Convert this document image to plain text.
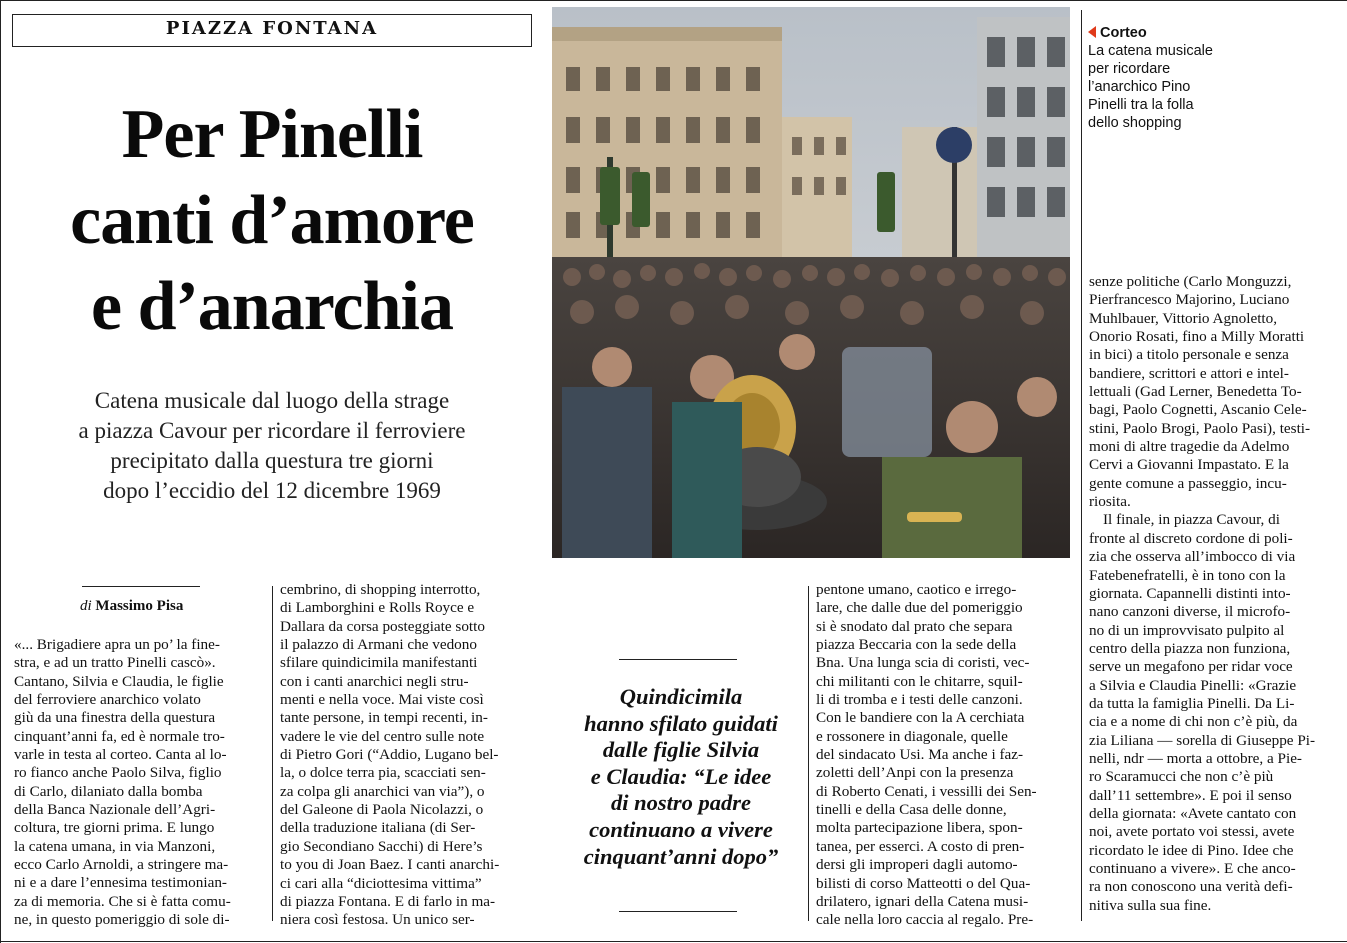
PIAZZA FONTANA
Per Pinelli
canti d’amore
e d’anarchia
Catena musicale dal luogo della strage
a piazza Cavour per ricordare il ferroviere
precipitato dalla questura tre giorni
dopo l’eccidio del 12 dicembre 1969
di Massimo Pisa
«... Brigadiere apra un po’ la fine-
stra, e ad un tratto Pinelli cascò».
Cantano, Silvia e Claudia, le figlie
del ferroviere anarchico volato
giù da una finestra della questura
cinquant’anni fa, ed è normale tro-
varle in testa al corteo. Canta al lo-
ro fianco anche Paolo Silva, figlio
di Carlo, dilaniato dalla bomba
della Banca Nazionale dell’Agri-
coltura, tre giorni prima. E lungo
la catena umana, in via Manzoni,
ecco Carlo Arnoldi, a stringere ma-
ni e a dare l’ennesima testimonian-
za di memoria. Che si è fatta comu-
ne, in questo pomeriggio di sole di-
cembrino, di shopping interrotto,
di Lamborghini e Rolls Royce e
Dallara da corsa posteggiate sotto
il palazzo di Armani che vedono
sfilare quindicimila manifestanti
con i canti anarchici negli stru-
menti e nella voce. Mai viste così
tante persone, in tempi recenti, in-
vadere le vie del centro sulle note
di Pietro Gori (“Addio, Lugano bel-
la, o dolce terra pia, scacciati sen-
za colpa gli anarchici van via”), o
del Galeone di Paola Nicolazzi, o
della traduzione italiana (di Ser-
gio Secondiano Sacchi) di Here’s
to you di Joan Baez. I canti anarchi-
ci cari alla “diciottesima vittima”
di piazza Fontana. E di farlo in ma-
niera così festosa. Un unico ser-
Corteo
La catena musicale
per ricordare
l’anarchico Pino
Pinelli tra la folla
dello shopping
Quindicimila
hanno sfilato guidati
dalle figlie Silvia
e Claudia: “Le idee
di nostro padre
continuano a vivere
cinquant’anni dopo”
pentone umano, caotico e irrego-
lare, che dalle due del pomeriggio
si è snodato dal prato che separa
piazza Beccaria con la sede della
Bna. Una lunga scia di coristi, vec-
chi militanti con le chitarre, squil-
li di tromba e i testi delle canzoni.
Con le bandiere con la A cerchiata
e rossonere in diagonale, quelle
del sindacato Usi. Ma anche i faz-
zoletti dell’Anpi con la presenza
di Roberto Cenati, i vessilli dei Sen-
tinelli e della Casa delle donne,
molta partecipazione libera, spon-
tanea, per esserci. A costo di pren-
dersi gli improperi dagli automo-
bilisti di corso Matteotti o del Qua-
drilatero, ignari della Catena musi-
cale nella loro caccia al regalo. Pre-
senze politiche (Carlo Monguzzi,
Pierfrancesco Majorino, Luciano
Muhlbauer, Vittorio Agnoletto,
Onorio Rosati, fino a Milly Moratti
in bici) a titolo personale e senza
bandiere, scrittori e attori e intel-
lettuali (Gad Lerner, Benedetta To-
bagi, Paolo Cognetti, Ascanio Cele-
stini, Paolo Brogi, Paolo Pasi), testi-
moni di altre tragedie da Adelmo
Cervi a Giovanni Impastato. E la
gente comune a passeggio, incu-
riosita.
Il finale, in piazza Cavour, di
fronte al discreto cordone di poli-
zia che osserva all’imbocco di via
Fatebenefratelli, è in tono con la
giornata. Capannelli distinti into-
nano canzoni diverse, il microfo-
no di un improvvisato pulpito al
centro della piazza non funziona,
serve un megafono per ridar voce
a Silvia e Claudia Pinelli: «Grazie
da tutta la famiglia Pinelli. Da Li-
cia e a nome di chi non c’è più, da
zia Liliana — sorella di Giuseppe Pi-
nelli, ndr — morta a ottobre, a Pie-
ro Scaramucci che non c’è più
dall’11 settembre». E poi il senso
della giornata: «Avete cantato con
noi, avete portato voi stessi, avete
ricordato le idee di Pino. Idee che
continuano a vivere». E che anco-
ra non conoscono una verità defi-
nitiva sulla sua fine.
